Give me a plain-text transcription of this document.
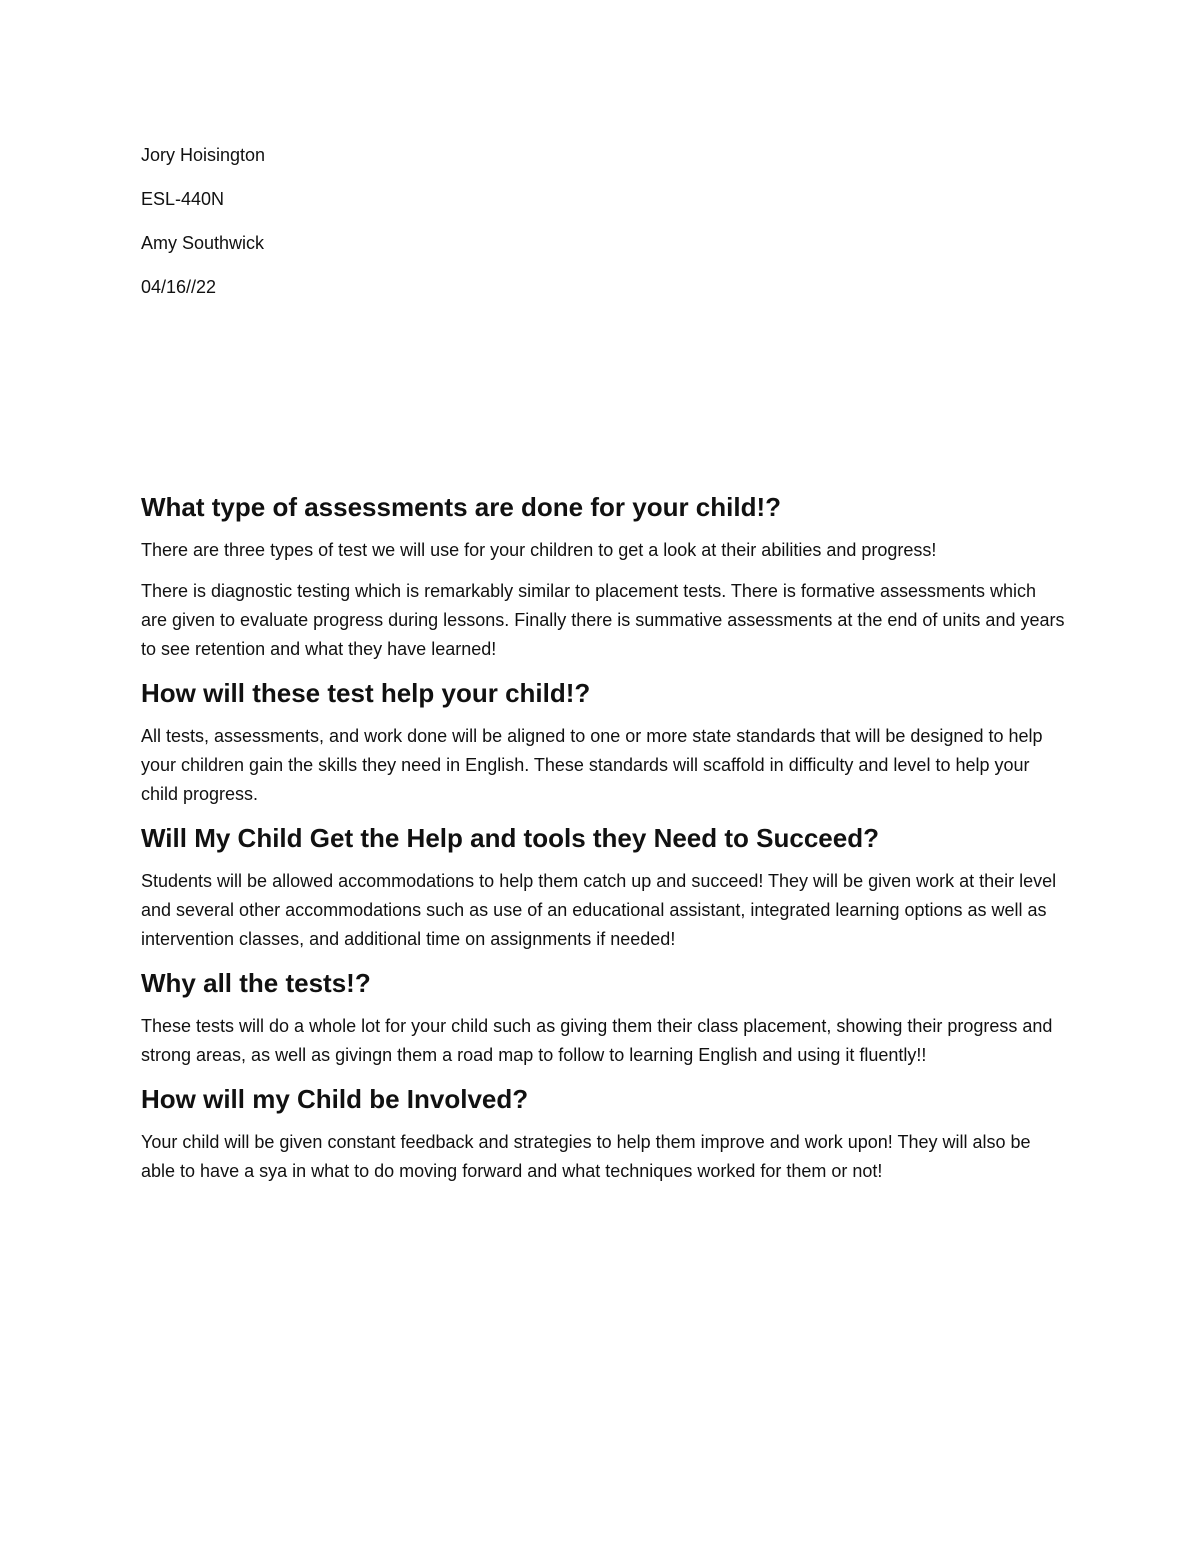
Jory Hoisington
ESL-440N
Amy Southwick
04/16//22
What type of assessments are done for your child!?

There are three types of test we will use for your children to get a look at their abilities and progress!

There is diagnostic testing which is remarkably similar to placement tests. There is formative assessments which are given to evaluate progress during lessons. Finally there is summative assessments at the end of units and years to see retention and what they have learned!

How will these test help your child!?

All tests, assessments, and work done will be aligned to one or more state standards that will be designed to help your children gain the skills they need in English. These standards will scaffold in difficulty and level to help your child progress.

Will My Child Get the Help and tools they Need to Succeed?

Students will be allowed accommodations to help them catch up and succeed! They will be given work at their level and several other accommodations such as use of an educational assistant, integrated learning options as well as intervention classes, and additional time on assignments if needed!

Why all the tests!?

These tests will do a whole lot for your child such as giving them their class placement, showing their progress and strong areas, as well as givingn them a road map to follow to learning English and using it fluently!!

How will my Child be Involved?

Your child will be given constant feedback and strategies to help them improve and work upon! They will also be able to have a sya in what to do moving forward and what techniques worked for them or not!
